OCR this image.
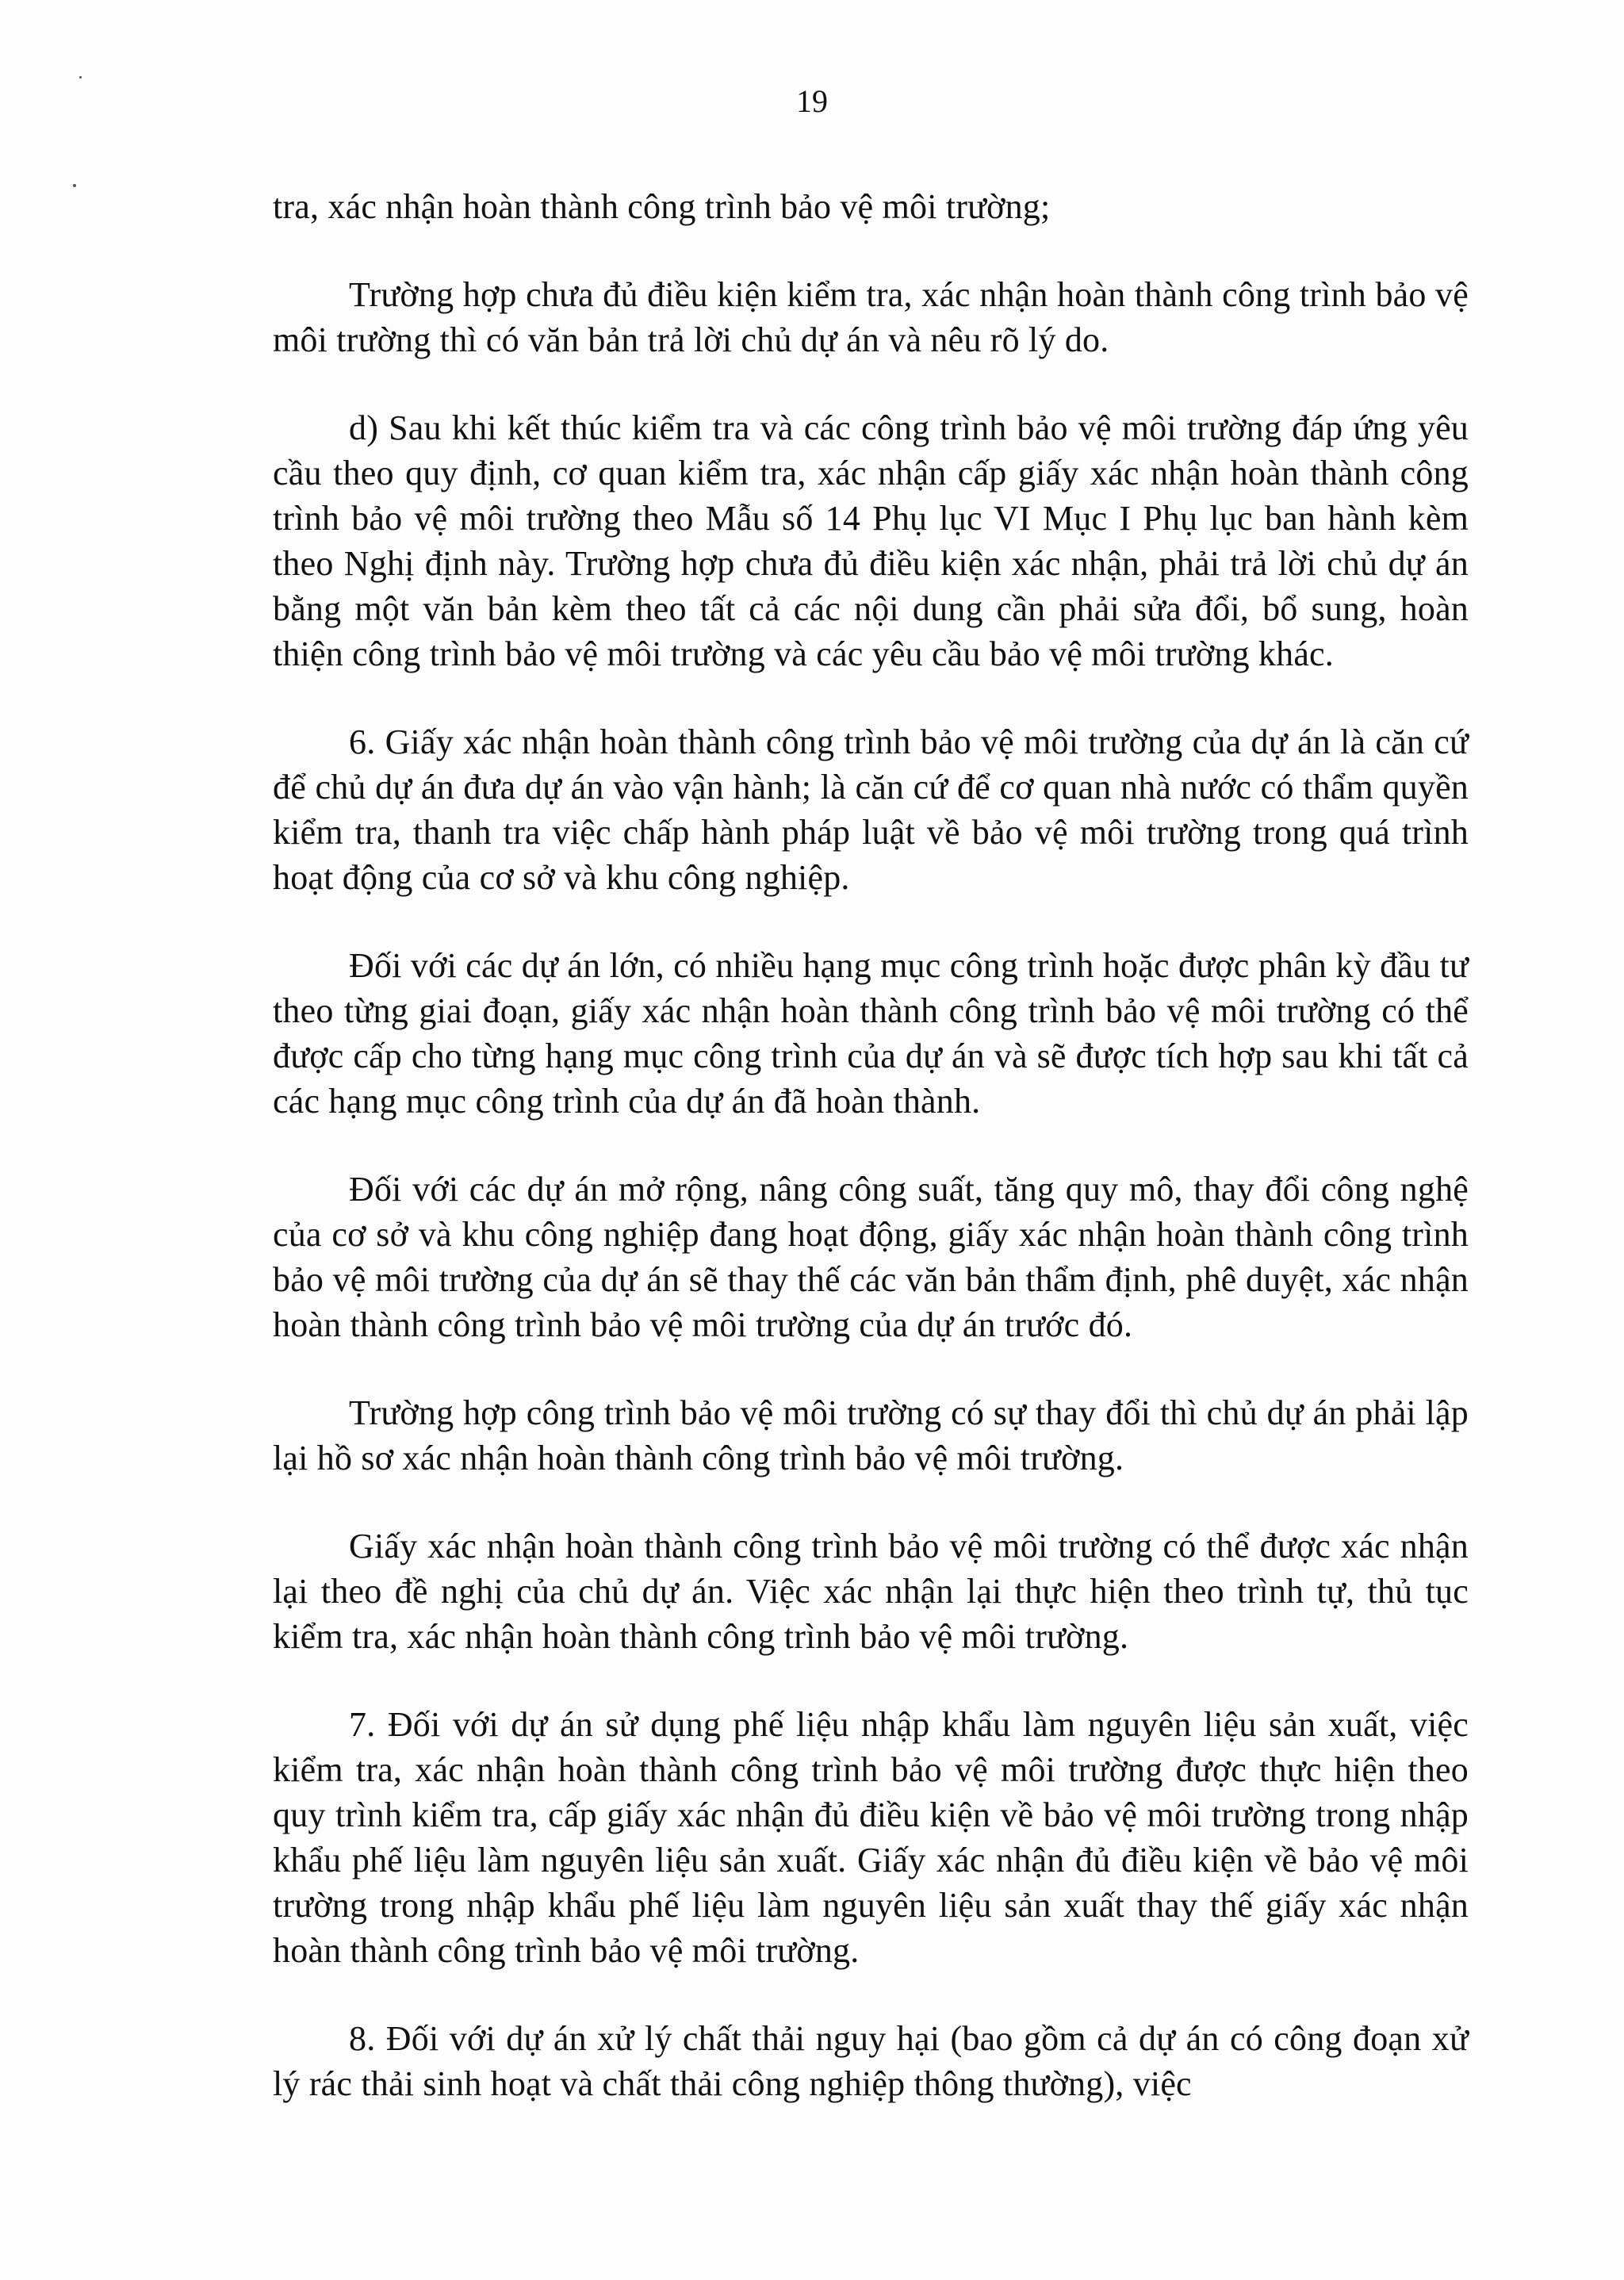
19

tra, xác nhận hoàn thành công trình bảo vệ môi trường;

Trường hợp chưa đủ điều kiện kiểm tra, xác nhận hoàn thành công trình bảo vệ môi trường thì có văn bản trả lời chủ dự án và nêu rõ lý do.

d) Sau khi kết thúc kiểm tra và các công trình bảo vệ môi trường đáp ứng yêu cầu theo quy định, cơ quan kiểm tra, xác nhận cấp giấy xác nhận hoàn thành công trình bảo vệ môi trường theo Mẫu số 14 Phụ lục VI Mục I Phụ lục ban hành kèm theo Nghị định này. Trường hợp chưa đủ điều kiện xác nhận, phải trả lời chủ dự án bằng một văn bản kèm theo tất cả các nội dung cần phải sửa đổi, bổ sung, hoàn thiện công trình bảo vệ môi trường và các yêu cầu bảo vệ môi trường khác.

6. Giấy xác nhận hoàn thành công trình bảo vệ môi trường của dự án là căn cứ để chủ dự án đưa dự án vào vận hành; là căn cứ để cơ quan nhà nước có thẩm quyền kiểm tra, thanh tra việc chấp hành pháp luật về bảo vệ môi trường trong quá trình hoạt động của cơ sở và khu công nghiệp.

Đối với các dự án lớn, có nhiều hạng mục công trình hoặc được phân kỳ đầu tư theo từng giai đoạn, giấy xác nhận hoàn thành công trình bảo vệ môi trường có thể được cấp cho từng hạng mục công trình của dự án và sẽ được tích hợp sau khi tất cả các hạng mục công trình của dự án đã hoàn thành.

Đối với các dự án mở rộng, nâng công suất, tăng quy mô, thay đổi công nghệ của cơ sở và khu công nghiệp đang hoạt động, giấy xác nhận hoàn thành công trình bảo vệ môi trường của dự án sẽ thay thế các văn bản thẩm định, phê duyệt, xác nhận hoàn thành công trình bảo vệ môi trường của dự án trước đó.

Trường hợp công trình bảo vệ môi trường có sự thay đổi thì chủ dự án phải lập lại hồ sơ xác nhận hoàn thành công trình bảo vệ môi trường.

Giấy xác nhận hoàn thành công trình bảo vệ môi trường có thể được xác nhận lại theo đề nghị của chủ dự án. Việc xác nhận lại thực hiện theo trình tự, thủ tục kiểm tra, xác nhận hoàn thành công trình bảo vệ môi trường.

7. Đối với dự án sử dụng phế liệu nhập khẩu làm nguyên liệu sản xuất, việc kiểm tra, xác nhận hoàn thành công trình bảo vệ môi trường được thực hiện theo quy trình kiểm tra, cấp giấy xác nhận đủ điều kiện về bảo vệ môi trường trong nhập khẩu phế liệu làm nguyên liệu sản xuất. Giấy xác nhận đủ điều kiện về bảo vệ môi trường trong nhập khẩu phế liệu làm nguyên liệu sản xuất thay thế giấy xác nhận hoàn thành công trình bảo vệ môi trường.

8. Đối với dự án xử lý chất thải nguy hại (bao gồm cả dự án có công đoạn xử lý rác thải sinh hoạt và chất thải công nghiệp thông thường), việc
